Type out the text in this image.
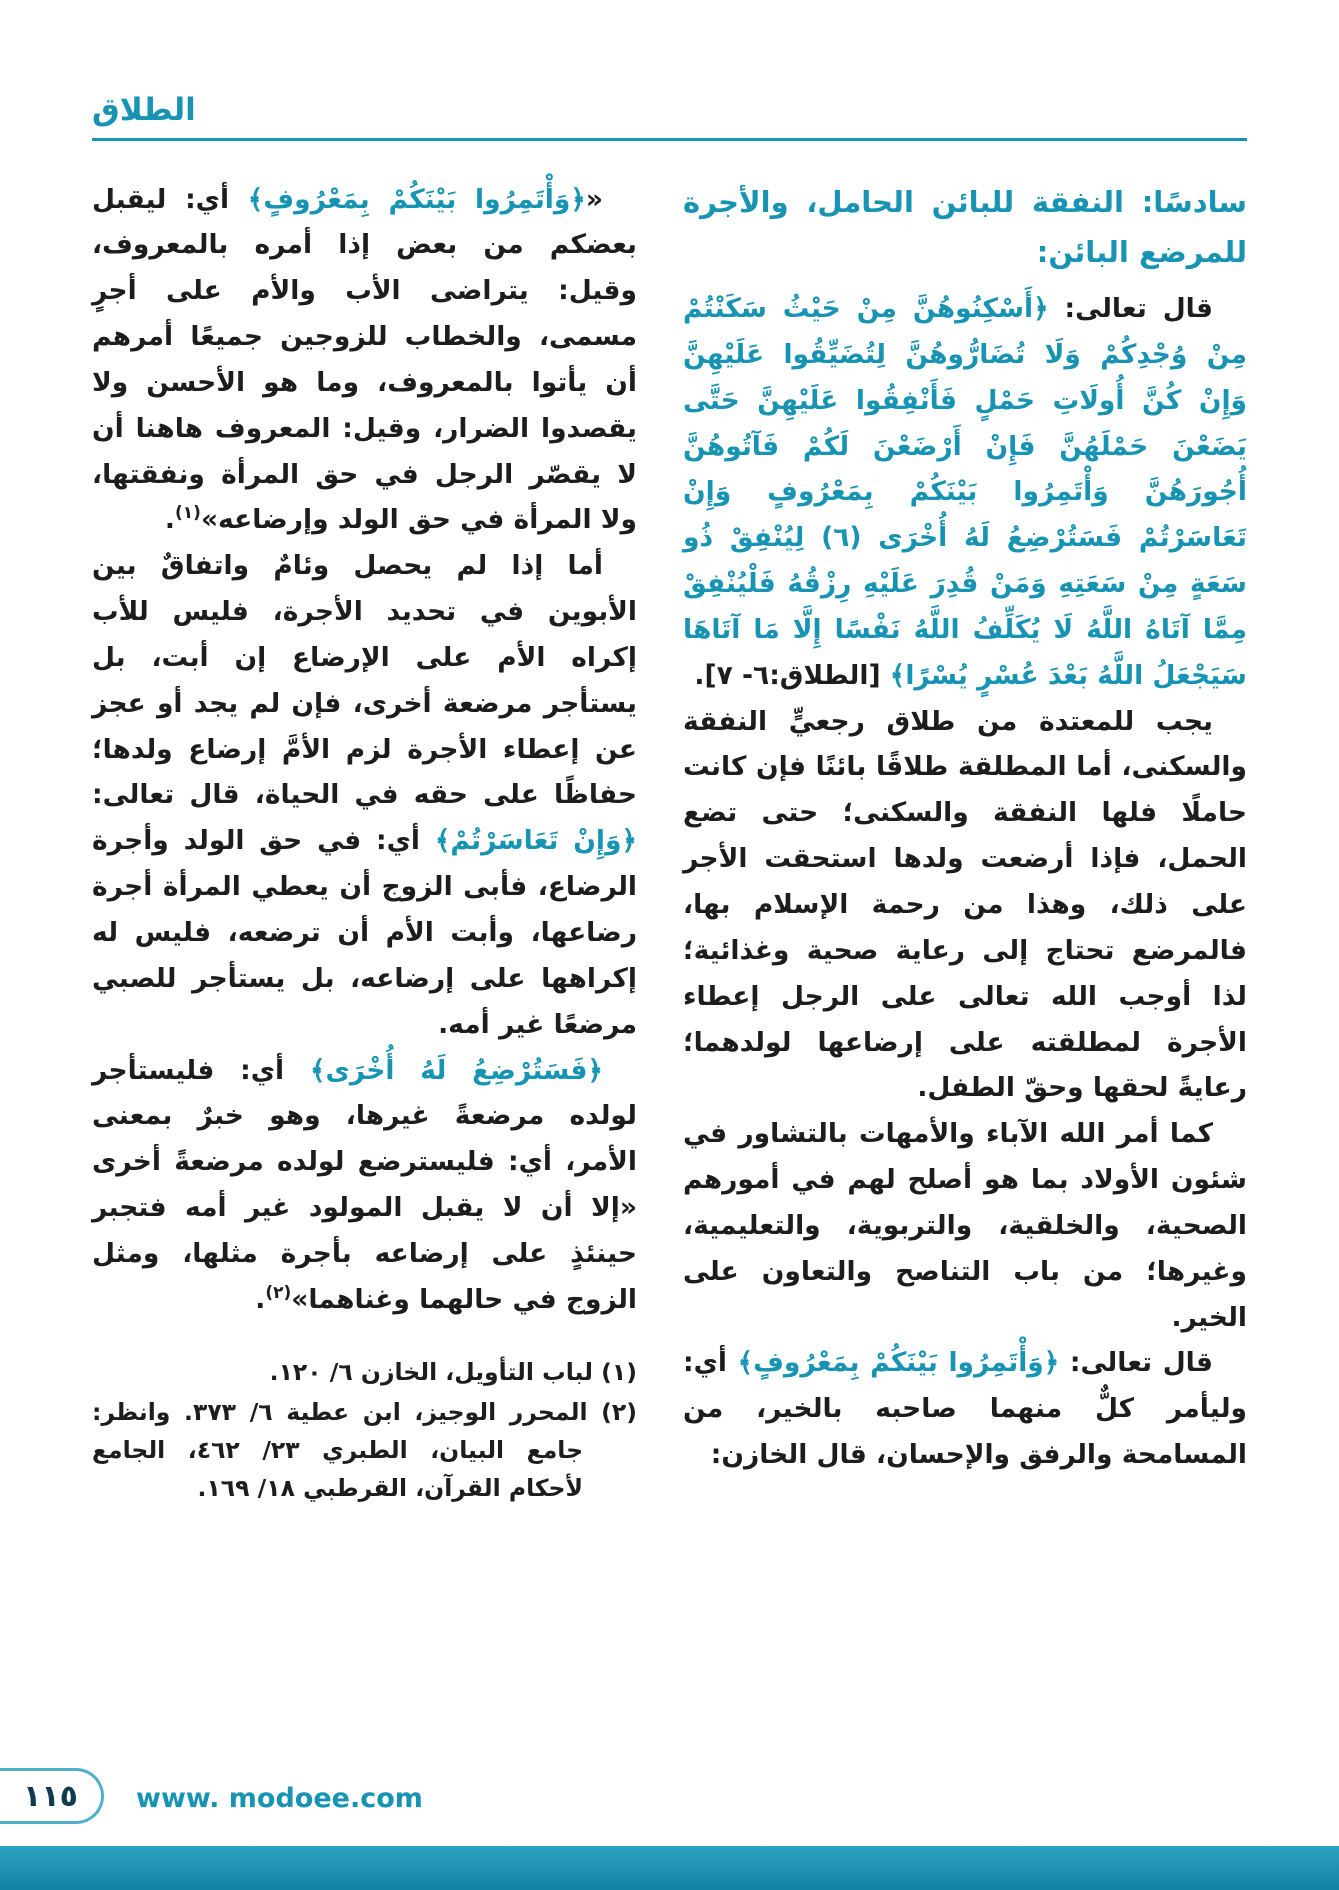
الطلاق
سادسًا: النفقة للبائن الحامل، والأجرة للمرضع البائن:

قال تعالى: ﴿أَسْكِنُوهُنَّ مِنْ حَيْثُ سَكَنْتُمْ مِنْ وُجْدِكُمْ وَلَا تُضَارُّوهُنَّ لِتُضَيِّقُوا عَلَيْهِنَّ وَإِنْ كُنَّ أُولَاتِ حَمْلٍ فَأَنْفِقُوا عَلَيْهِنَّ حَتَّى يَضَعْنَ حَمْلَهُنَّ فَإِنْ أَرْضَعْنَ لَكُمْ فَآتُوهُنَّ أُجُورَهُنَّ وَأْتَمِرُوا بَيْنَكُمْ بِمَعْرُوفٍ وَإِنْ تَعَاسَرْتُمْ فَسَتُرْضِعُ لَهُ أُخْرَى (٦) لِيُنْفِقْ ذُو سَعَةٍ مِنْ سَعَتِهِ وَمَنْ قُدِرَ عَلَيْهِ رِزْقُهُ فَلْيُنْفِقْ مِمَّا آتَاهُ اللَّهُ لَا يُكَلِّفُ اللَّهُ نَفْسًا إِلَّا مَا آتَاهَا سَيَجْعَلُ اللَّهُ بَعْدَ عُسْرٍ يُسْرًا﴾ [الطلاق:٦- ٧].

يجب للمعتدة من طلاق رجعيٍّ النفقة والسكنى، أما المطلقة طلاقًا بائنًا فإن كانت حاملًا فلها النفقة والسكنى؛ حتى تضع الحمل، فإذا أرضعت ولدها استحقت الأجر على ذلك، وهذا من رحمة الإسلام بها، فالمرضع تحتاج إلى رعاية صحية وغذائية؛ لذا أوجب الله تعالى على الرجل إعطاء الأجرة لمطلقته على إرضاعها لولدهما؛ رعايةً لحقها وحقّ الطفل.

كما أمر الله الآباء والأمهات بالتشاور في شئون الأولاد بما هو أصلح لهم في أمورهم الصحية، والخلقية، والتربوية، والتعليمية، وغيرها؛ من باب التناصح والتعاون على الخير.

قال تعالى: ﴿وَأْتَمِرُوا بَيْنَكُمْ بِمَعْرُوفٍ﴾ أي: وليأمر كلٌّ منهما صاحبه بالخير، من المسامحة والرفق والإحسان، قال الخازن:

«﴿وَأْتَمِرُوا بَيْنَكُمْ بِمَعْرُوفٍ﴾ أي: ليقبل بعضكم من بعض إذا أمره بالمعروف، وقيل: يتراضى الأب والأم على أجرٍ مسمى، والخطاب للزوجين جميعًا أمرهم أن يأتوا بالمعروف، وما هو الأحسن ولا يقصدوا الضرار، وقيل: المعروف هاهنا أن لا يقصّر الرجل في حق المرأة ونفقتها، ولا المرأة في حق الولد وإرضاعه»$^{(١)}$.

أما إذا لم يحصل وئامٌ واتفاقٌ بين الأبوين في تحديد الأجرة، فليس للأب إكراه الأم على الإرضاع إن أبت، بل يستأجر مرضعة أخرى، فإن لم يجد أو عجز عن إعطاء الأجرة لزم الأمَّ إرضاع ولدها؛ حفاظًا على حقه في الحياة، قال تعالى: ﴿وَإِنْ تَعَاسَرْتُمْ﴾ أي: في حق الولد وأجرة الرضاع، فأبى الزوج أن يعطي المرأة أجرة رضاعها، وأبت الأم أن ترضعه، فليس له إكراهها على إرضاعه، بل يستأجر للصبي مرضعًا غير أمه.

﴿فَسَتُرْضِعُ لَهُ أُخْرَى﴾ أي: فليستأجر لولده مرضعةً غيرها، وهو خبرٌ بمعنى الأمر، أي: فليسترضع لولده مرضعةً أخرى «إلا أن لا يقبل المولود غير أمه فتجبر حينئذٍ على إرضاعه بأجرة مثلها، ومثل الزوج في حالهما وغناهما»$^{(٢)}$.

(١) لباب التأويل، الخازن ٦/ ١٢٠.
(٢) المحرر الوجيز، ابن عطية ٦/ ٣٧٣. وانظر: جامع البيان، الطبري ٢٣/ ٤٦٢، الجامع لأحكام القرآن، القرطبي ١٨/ ١٦٩.
١١٥ www. modoee.com
